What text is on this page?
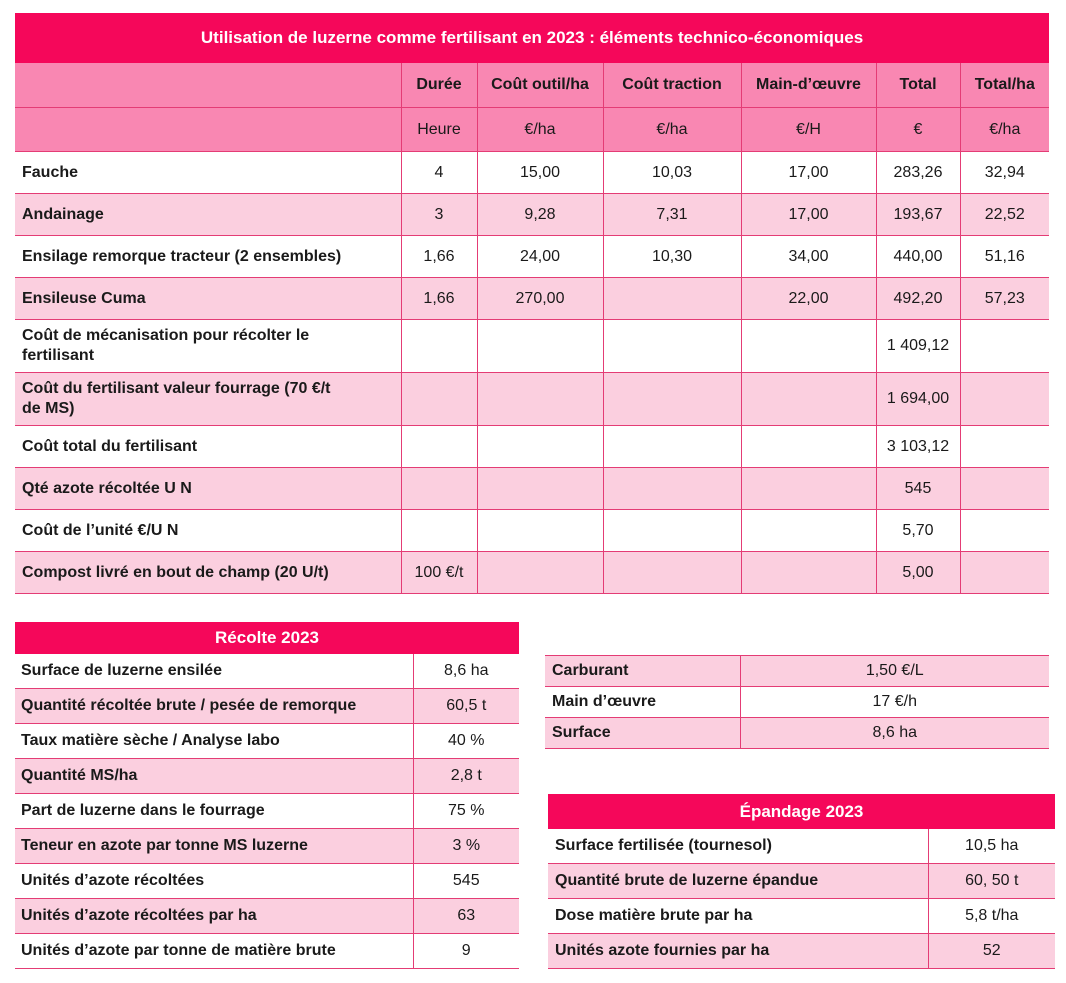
Utilisation de luzerne comme fertilisant en 2023 : éléments technico-économiques						
	Durée	Coût outil/ha	Coût traction	Main-d’œuvre	Total	Total/ha
	Heure	€/ha	€/ha	€/H	€	€/ha
Fauche	4	15,00	10,03	17,00	283,26	32,94
Andainage	3	9,28	7,31	17,00	193,67	22,52
Ensilage remorque tracteur (2 ensembles)	1,66	24,00	10,30	34,00	440,00	51,16
Ensileuse Cuma	1,66	270,00		22,00	492,20	57,23
Coût de mécanisation pour récolter le fertilisant					1 409,12	
Coût du fertilisant valeur fourrage (70 €/t de MS)					1 694,00	
Coût total du fertilisant					3 103,12	
Qté azote récoltée U N					545	
Coût de l’unité €/U N					5,70	
Compost livré en bout de champ (20 U/t)	100 €/t				5,00	
Récolte 2023	
Surface de luzerne ensilée	8,6 ha
Quantité récoltée brute / pesée de remorque	60,5 t
Taux matière sèche / Analyse labo	40 %
Quantité MS/ha	2,8 t
Part de luzerne dans le fourrage	75 %
Teneur en azote par tonne MS luzerne	3 %
Unités d’azote récoltées	545
Unités d’azote récoltées par ha	63
Unités d’azote par tonne de matière brute	9
Carburant	1,50 €/L
Main d’œuvre	17 €/h
Surface	8,6 ha
Épandage 2023	
Surface fertilisée (tournesol)	10,5 ha
Quantité brute de luzerne épandue	60, 50 t
Dose matière brute par ha	5,8 t/ha
Unités azote fournies par ha	52
